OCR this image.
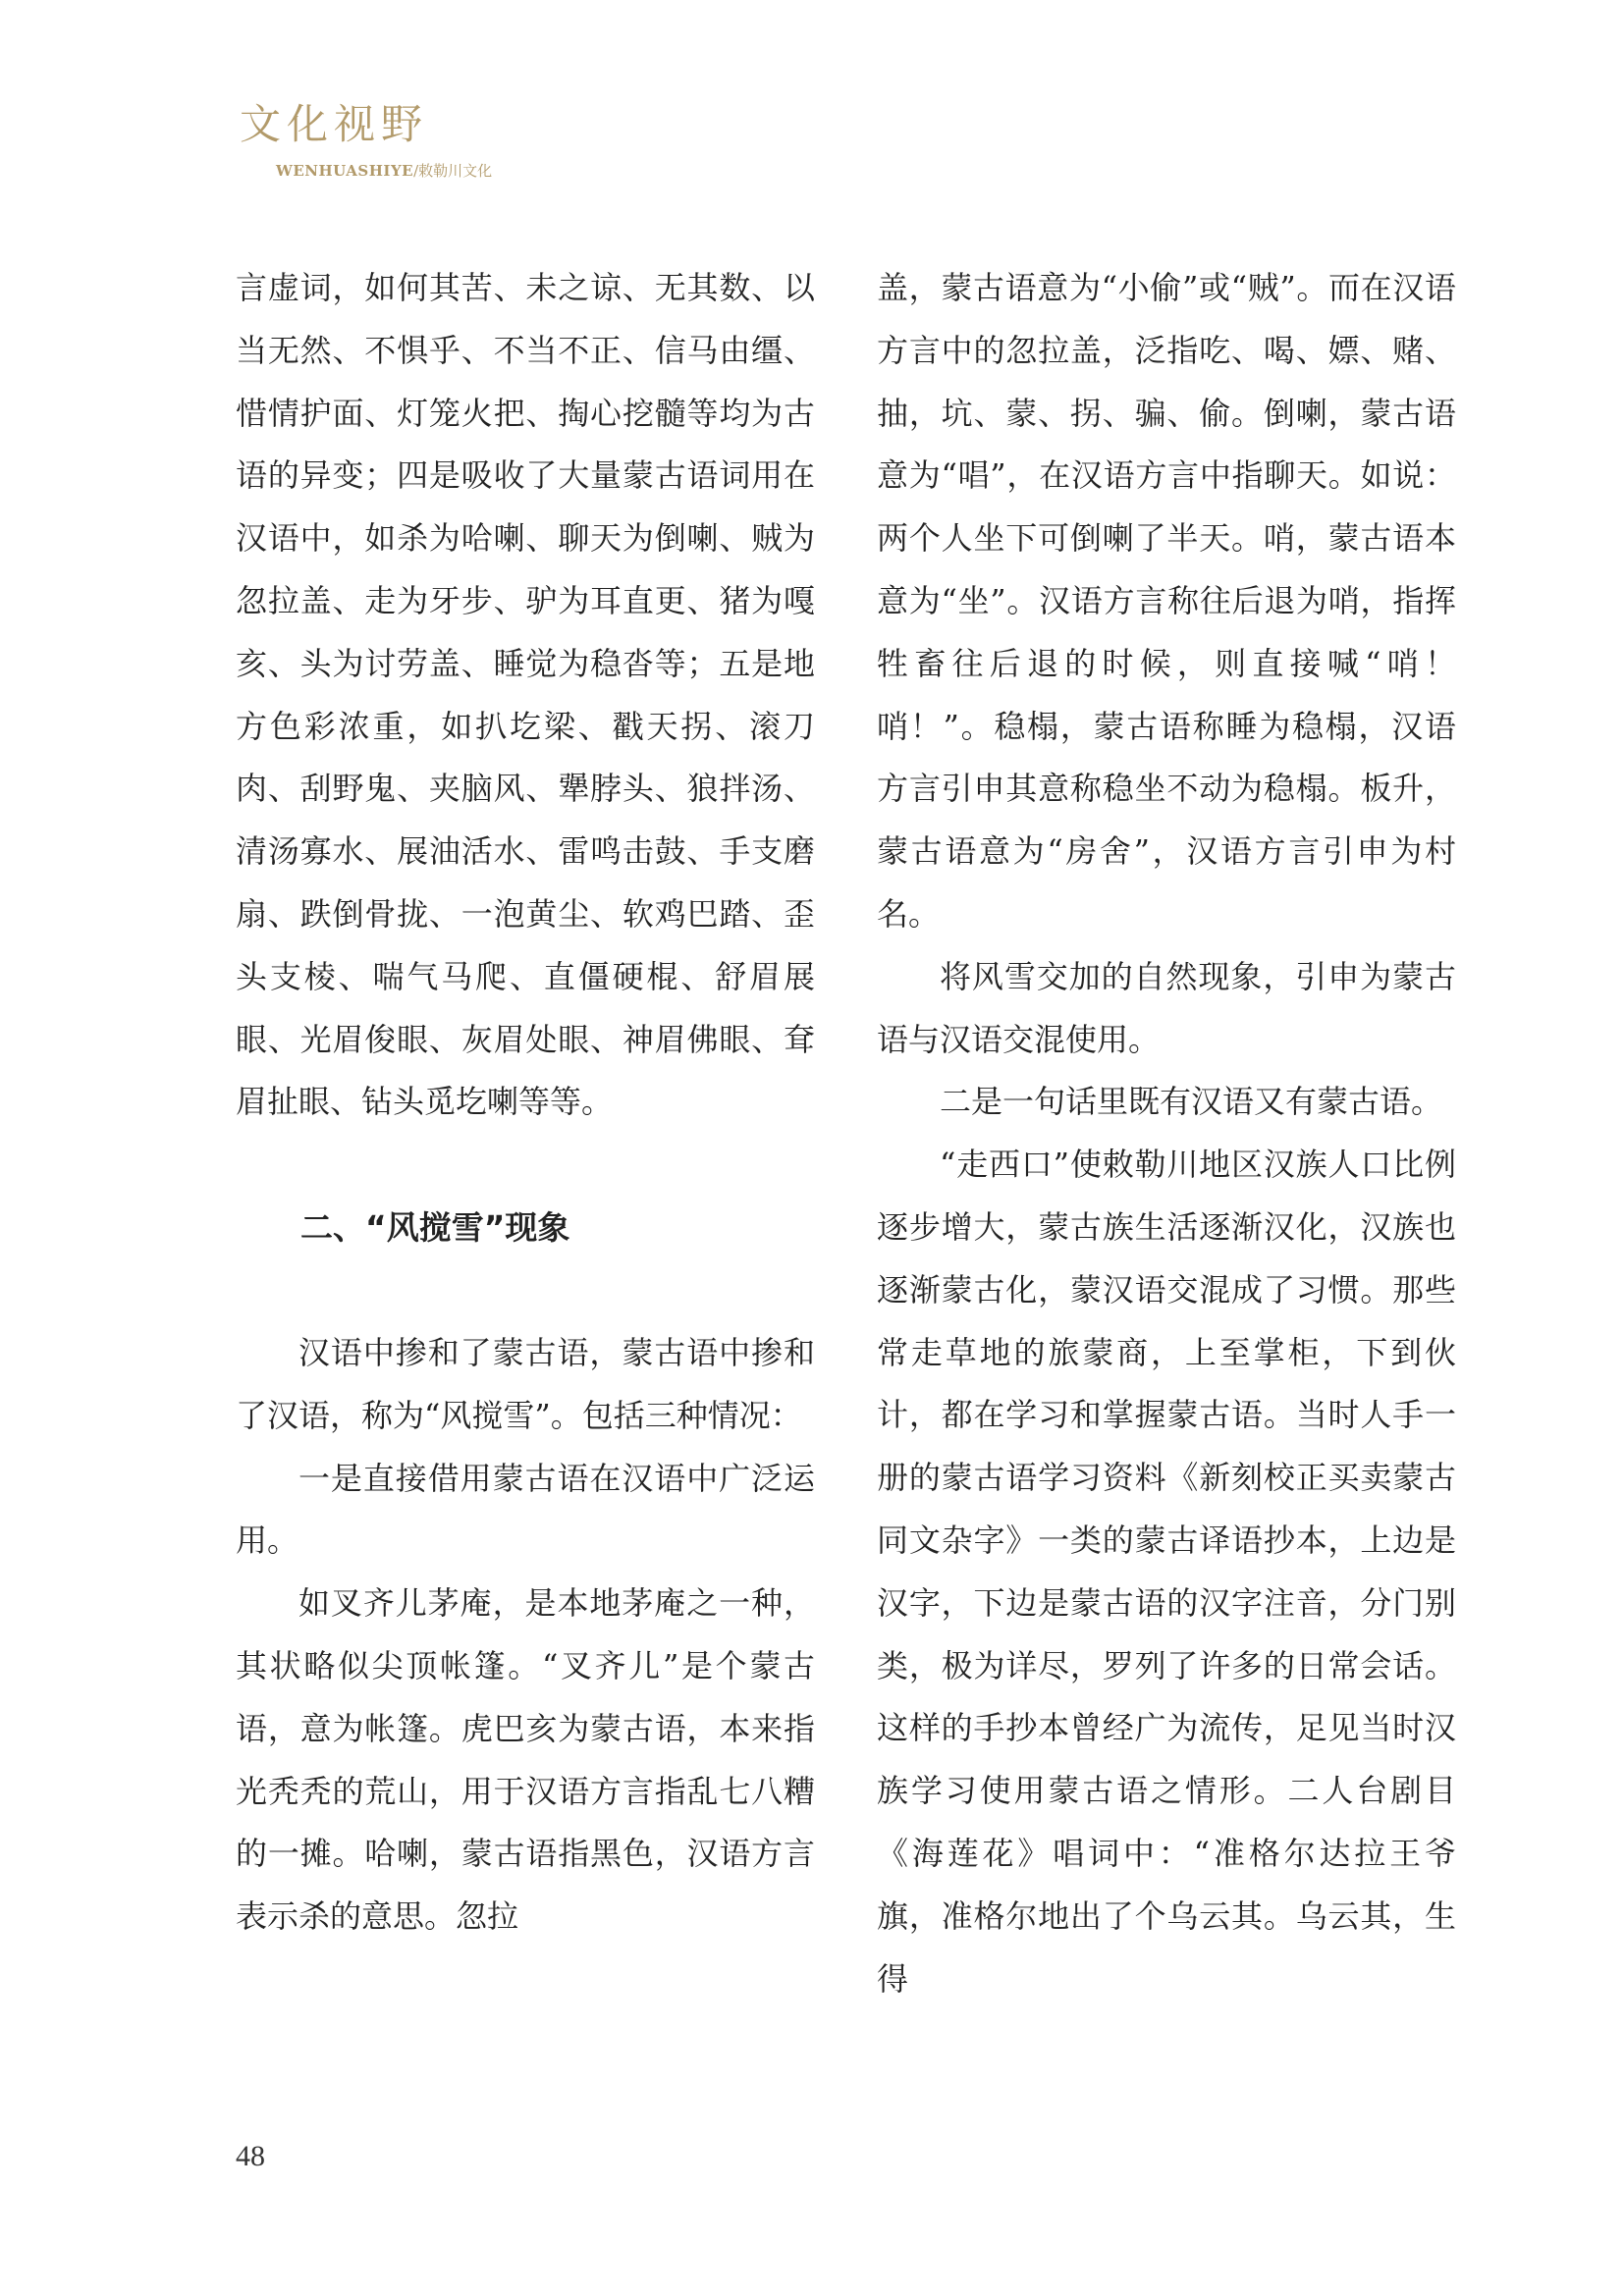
文化视野
WENHUASHIYE/敕勒川文化

言虚词，如何其苦、未之谅、无其数、以当无然、不惧乎、不当不正、信马由缰、惜情护面、灯笼火把、掏心挖髓等均为古语的异变；四是吸收了大量蒙古语词用在汉语中，如杀为哈喇、聊天为倒喇、贼为忽拉盖、走为牙步、驴为耳直更、猪为嘎亥、头为讨劳盖、睡觉为稳沓等；五是地方色彩浓重，如扒圪梁、戳天拐、滚刀肉、刮野鬼、夹脑风、犟脖头、狼拌汤、清汤寡水、展油活水、雷鸣击鼓、手支磨扇、跌倒骨拢、一泡黄尘、软鸡巴踏、歪头支棱、喘气马爬、直僵硬棍、舒眉展眼、光眉俊眼、灰眉处眼、神眉佛眼、耷眉扯眼、钻头觅圪喇等等。

二、“风搅雪”现象

汉语中掺和了蒙古语，蒙古语中掺和了汉语，称为“风搅雪”。包括三种情况：

一是直接借用蒙古语在汉语中广泛运用。

如叉齐儿茅庵，是本地茅庵之一种，其状略似尖顶帐篷。“叉齐儿”是个蒙古语，意为帐篷。虎巴亥为蒙古语，本来指光秃秃的荒山，用于汉语方言指乱七八糟的一摊。哈喇，蒙古语指黑色，汉语方言表示杀的意思。忽拉

盖，蒙古语意为“小偷”或“贼”。而在汉语方言中的忽拉盖，泛指吃、喝、嫖、赌、抽，坑、蒙、拐、骗、偷。倒喇，蒙古语意为“唱”，在汉语方言中指聊天。如说：两个人坐下可倒喇了半天。哨，蒙古语本意为“坐”。汉语方言称往后退为哨，指挥牲畜往后退的时候，则直接喊“哨！哨！”。稳榻，蒙古语称睡为稳榻，汉语方言引申其意称稳坐不动为稳榻。板升，蒙古语意为“房舍”，汉语方言引申为村名。

将风雪交加的自然现象，引申为蒙古语与汉语交混使用。

二是一句话里既有汉语又有蒙古语。

“走西口”使敕勒川地区汉族人口比例逐步增大，蒙古族生活逐渐汉化，汉族也逐渐蒙古化，蒙汉语交混成了习惯。那些常走草地的旅蒙商，上至掌柜，下到伙计，都在学习和掌握蒙古语。当时人手一册的蒙古语学习资料《新刻校正买卖蒙古同文杂字》一类的蒙古译语抄本，上边是汉字，下边是蒙古语的汉字注音，分门别类，极为详尽，罗列了许多的日常会话。这样的手抄本曾经广为流传，足见当时汉族学习使用蒙古语之情形。二人台剧目《海莲花》唱词中：“准格尔达拉王爷旗，准格尔地出了个乌云其。乌云其，生得

48
